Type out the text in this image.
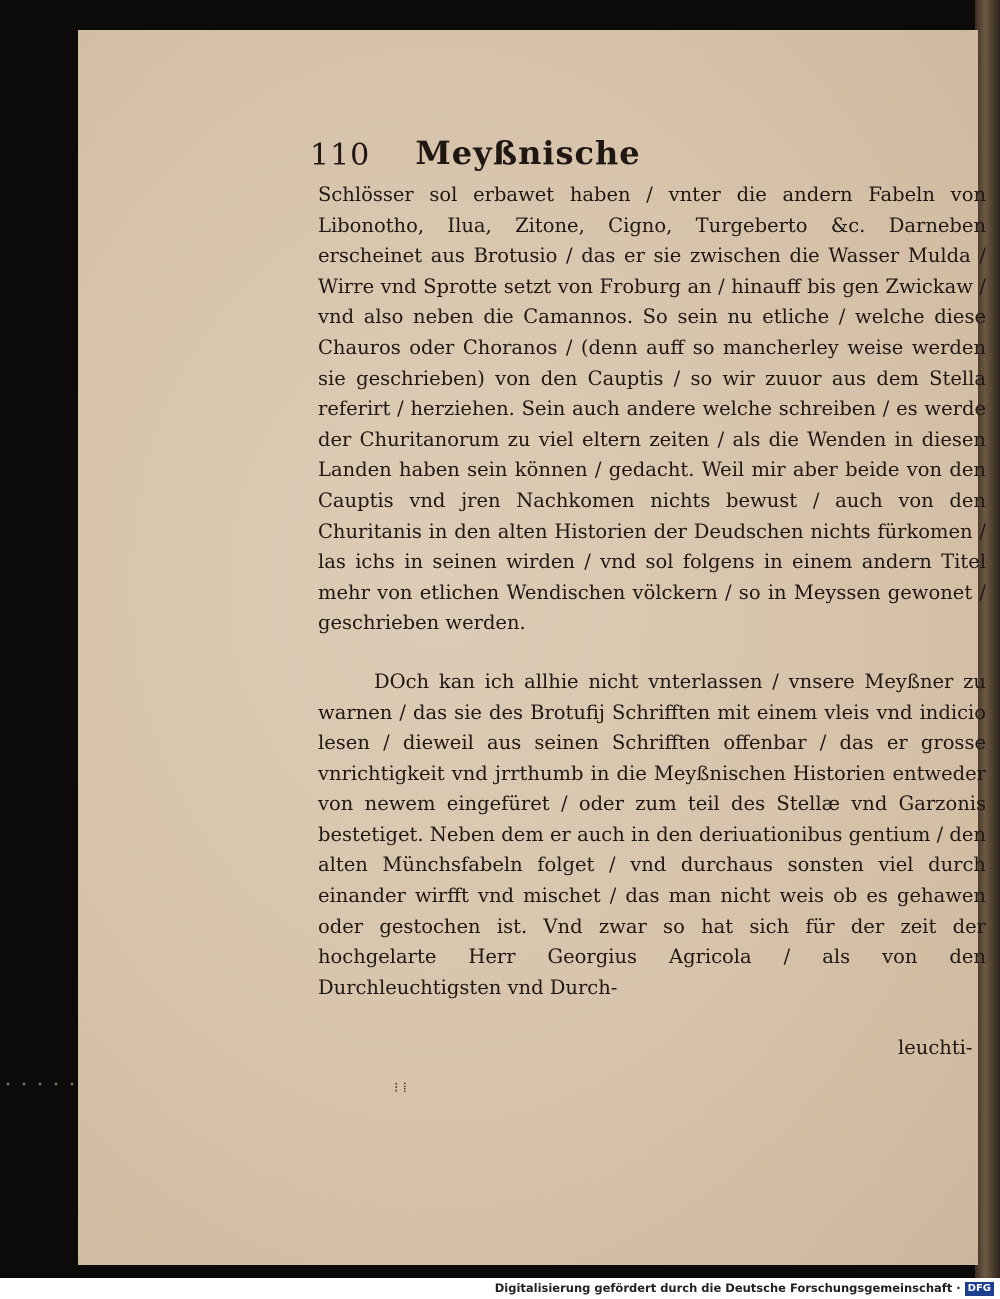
110	Meyßnische

Schlösser sol erbawet haben / vnter die andern Fabeln von Libonotho, Ilua, Zitone, Cigno, Turgeberto &c. Darneben erscheinet aus Brotusio / das er sie zwischen die Wasser Mulda / Wirre vnd Sprotte setzt von Froburg an / hinauff bis gen Zwickaw / vnd also neben die Camannos. So sein nu etliche / welche diese Chauros oder Choranos / (denn auff so mancherley weise werden sie geschrieben) von den Cauptis / so wir zuuor aus dem Stella referirt / herziehen. Sein auch andere welche schreiben / es werde der Churitanorum zu viel eltern zeiten / als die Wenden in diesen Landen haben sein können / gedacht. Weil mir aber beide von den Cauptis vnd jren Nachkomen nichts bewust / auch von den Churitanis in den alten Historien der Deudschen nichts fürkomen / las ichs in seinen wirden / vnd sol folgens in einem andern Titel mehr von etlichen Wendischen völckern / so in Meyssen gewonet / geschrieben werden.

DOch kan ich allhie nicht vnterlassen / vnsere Meyßner zu warnen / das sie des Brotufij Schrifften mit einem vleis vnd indicio lesen / dieweil aus seinen Schrifften offenbar / das er grosse vnrichtigkeit vnd jrrthumb in die Meyßnischen Historien entweder von newem eingefüret / oder zum teil des Stellæ vnd Garzonis bestetiget. Neben dem er auch in den deriuationibus gentium / den alten Münchsfabeln folget / vnd durchaus sonsten viel durch einander wirfft vnd mischet / das man nicht weis ob es gehawen oder gestochen ist. Vnd zwar so hat sich für der zeit der hochgelarte Herr Georgius Agricola / als von den Durchleuchtigsten vnd Durch-

leuchti-
⁝ ⁞
Digitalisierung gefördert durch die Deutsche Forschungsgemeinschaft · DFG
